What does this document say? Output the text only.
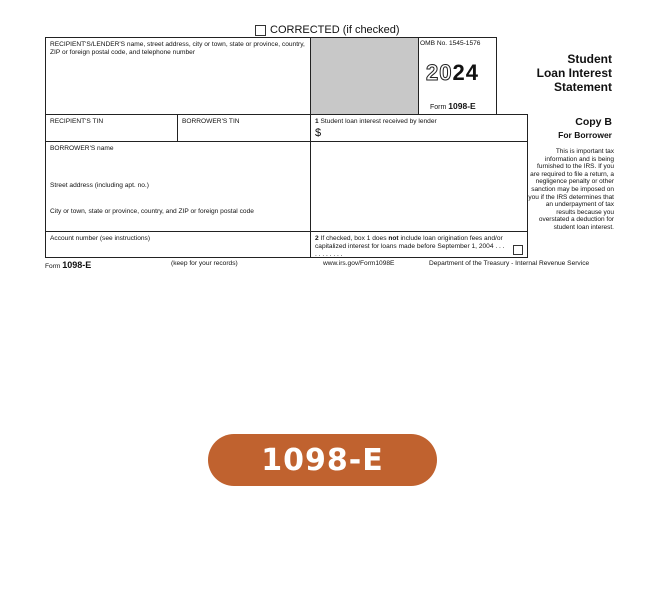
CORRECTED (if checked)
RECIPIENT'S/LENDER'S name, street address, city or town, state or province, country, ZIP or foreign postal code, and telephone number
OMB No. 1545-1576
2024
Form 1098-E
Student
Loan Interest
Statement
RECIPIENT'S TIN	BORROWER'S TIN	1 Student loan interest received by lender
$
Copy B
For Borrower
This is important tax information and is being furnished to the IRS. If you are required to file a return, a negligence penalty or other sanction may be imposed on you if the IRS determines that an underpayment of tax results because you overstated a deduction for student loan interest.
BORROWER'S name
Street address (including apt. no.)
City or town, state or province, country, and ZIP or foreign postal code
Account number (see instructions)	2 If checked, box 1 does not include loan origination fees and/or capitalized interest for loans made before September 1, 2004 . . . . . . . . . . .
Form 1098-E	(keep for your records)	www.irs.gov/Form1098E	Department of the Treasury - Internal Revenue Service
1098-E
